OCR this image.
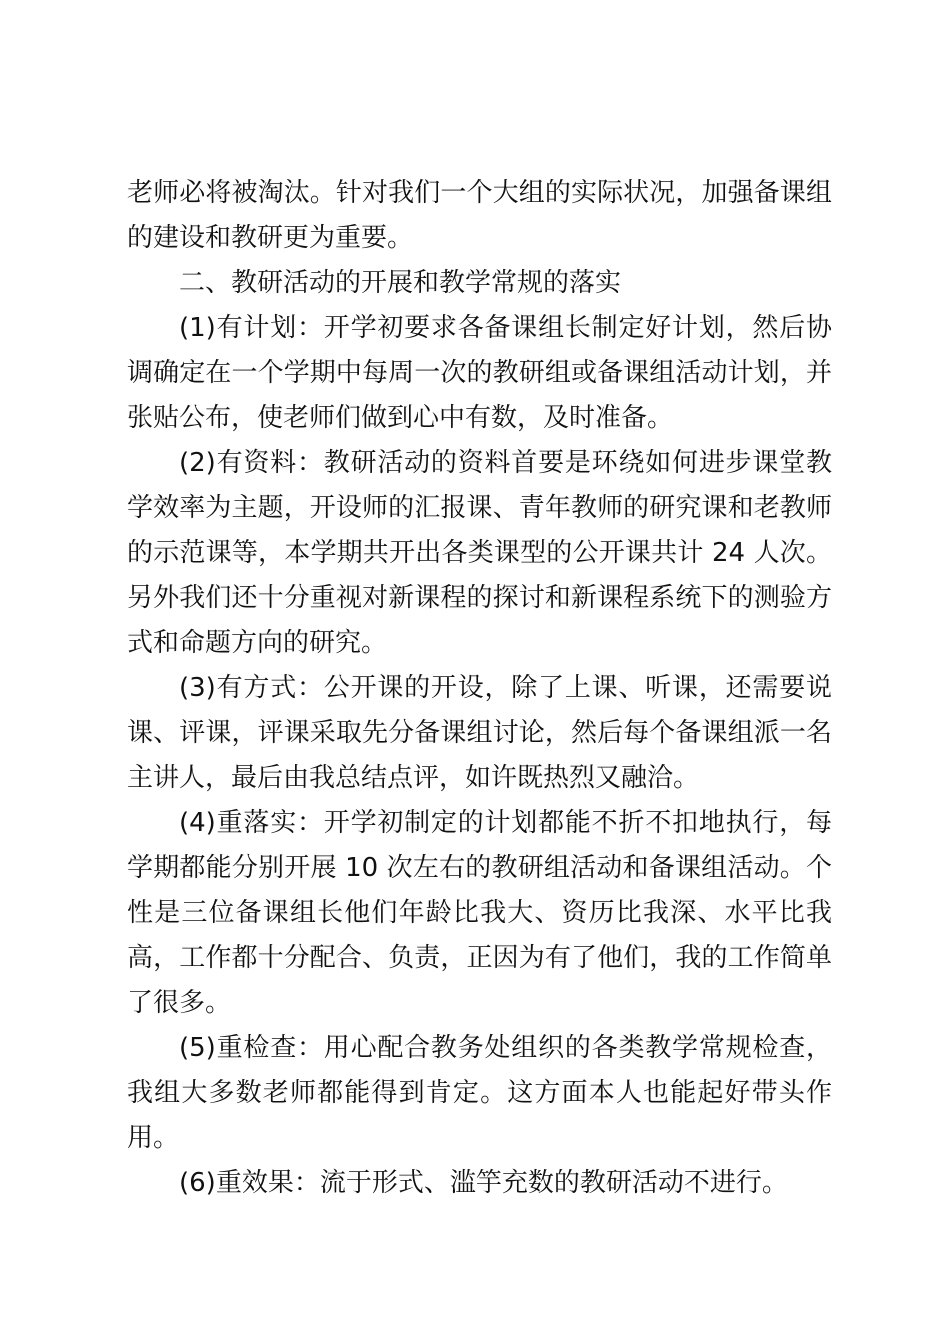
老师必将被淘汰。针对我们一个大组的实际状况，加强备课组的建设和教研更为重要。

二、教研活动的开展和教学常规的落实

(1)有计划：开学初要求各备课组长制定好计划，然后协调确定在一个学期中每周一次的教研组或备课组活动计划，并张贴公布，使老师们做到心中有数，及时准备。

(2)有资料：教研活动的资料首要是环绕如何进步课堂教学效率为主题，开设师的汇报课、青年教师的研究课和老教师的示范课等，本学期共开出各类课型的公开课共计 24 人次。另外我们还十分重视对新课程的探讨和新课程系统下的测验方式和命题方向的研究。

(3)有方式：公开课的开设，除了上课、听课，还需要说课、评课，评课采取先分备课组讨论，然后每个备课组派一名主讲人，最后由我总结点评，如许既热烈又融洽。

(4)重落实：开学初制定的计划都能不折不扣地执行，每学期都能分别开展 10 次左右的教研组活动和备课组活动。个性是三位备课组长他们年龄比我大、资历比我深、水平比我高，工作都十分配合、负责，正因为有了他们，我的工作简单了很多。

(5)重检查：用心配合教务处组织的各类教学常规检查，我组大多数老师都能得到肯定。这方面本人也能起好带头作用。

(6)重效果：流于形式、滥竽充数的教研活动不进行。
